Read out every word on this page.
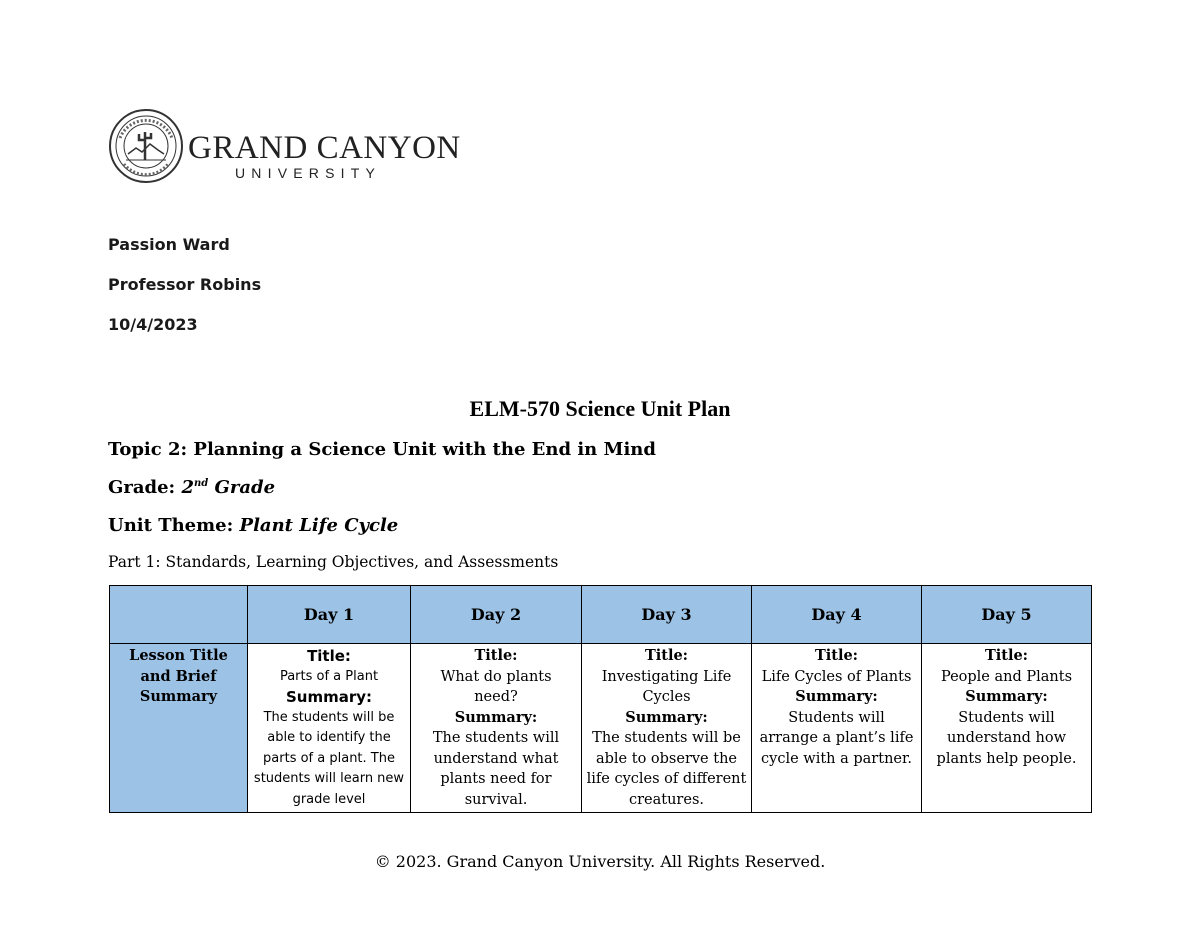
GRAND CANYON
UNIVERSITY
Passion Ward
Professor Robins
10/4/2023
ELM-570 Science Unit Plan
Topic 2: Planning a Science Unit with the End in Mind
Grade: 2nd Grade
Unit Theme: Plant Life Cycle
Part 1: Standards, Learning Objectives, and Assessments
	Day 1	Day 2	Day 3	Day 4	Day 5

Lesson Title and Brief Summary	Title:
Parts of a Plant
Summary:
The students will be able to identify the parts of a plant. The students will learn new grade level	Title:
What do plants need?
Summary:
The students will understand what plants need for survival.	Title:
Investigating Life Cycles
Summary:
The students will be able to observe the life cycles of different creatures.	Title:
Life Cycles of Plants
Summary:
Students will arrange a plant’s life cycle with a partner.	Title:
People and Plants
Summary:
Students will understand how plants help people.
© 2023. Grand Canyon University. All Rights Reserved.
